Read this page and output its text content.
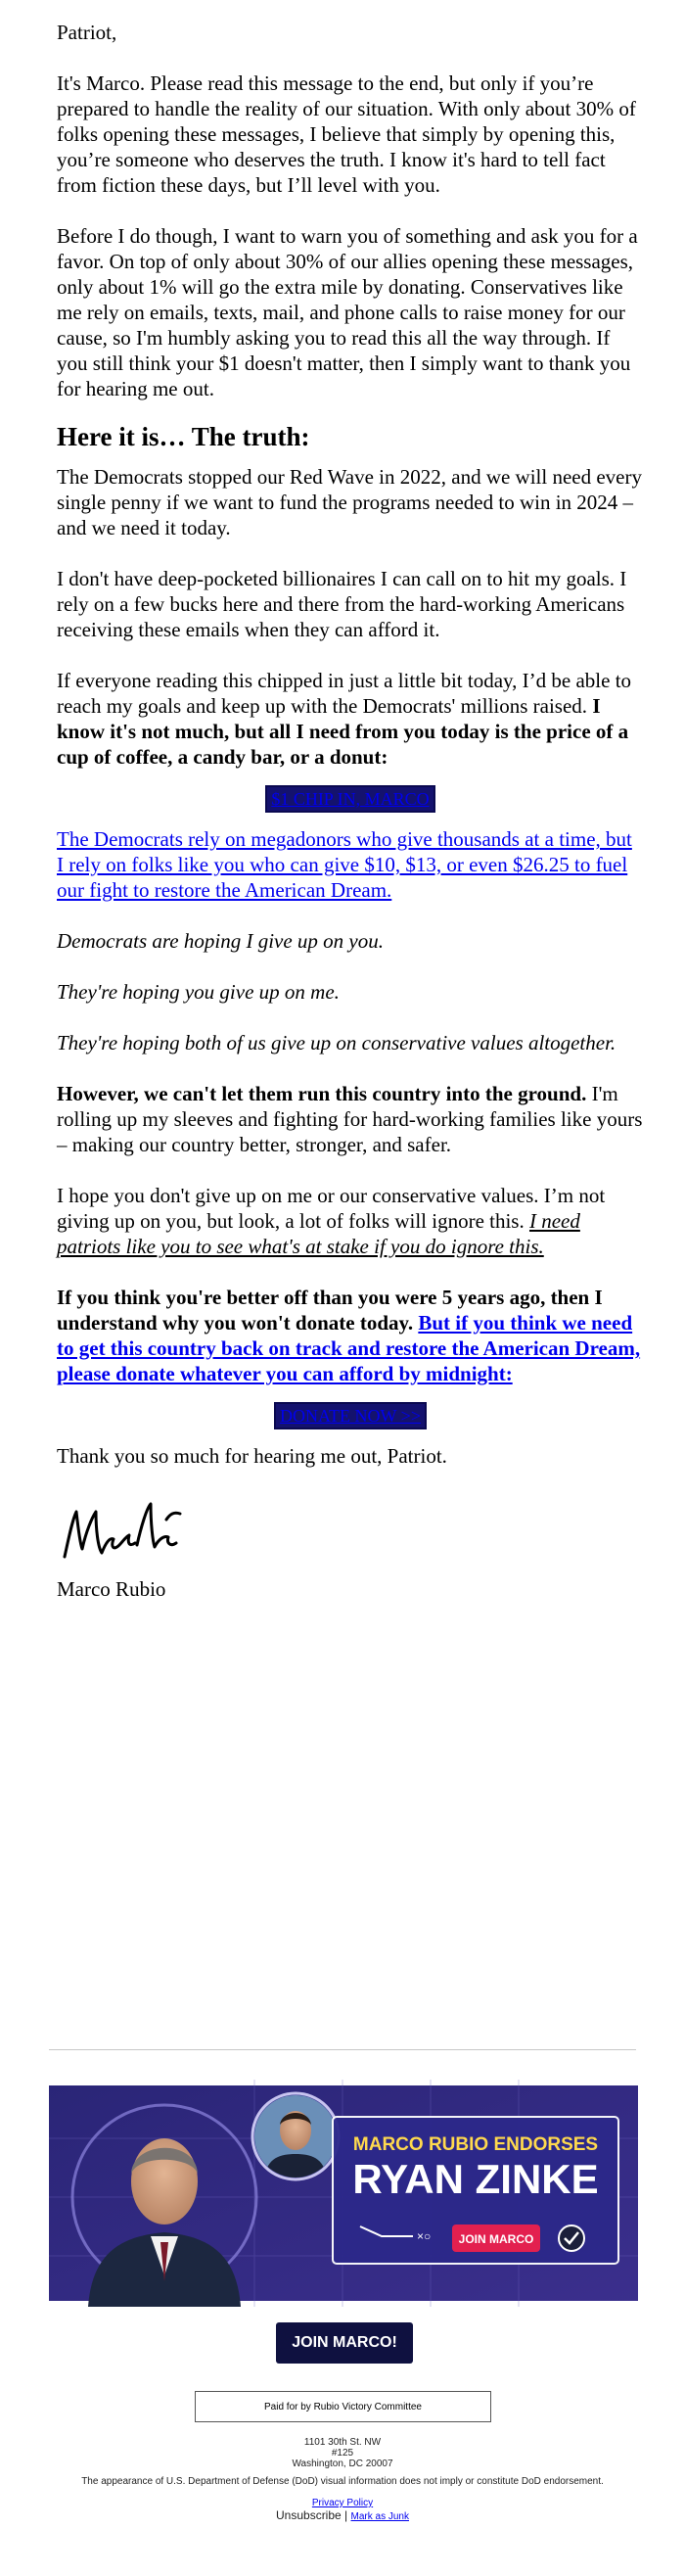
Patriot,

It's Marco. Please read this message to the end, but only if you’re prepared to handle the reality of our situation. With only about 30% of folks opening these messages, I believe that simply by opening this, you’re someone who deserves the truth. I know it's hard to tell fact from fiction these days, but I’ll level with you.

Before I do though, I want to warn you of something and ask you for a favor. On top of only about 30% of our allies opening these messages, only about 1% will go the extra mile by donating. Conservatives like me rely on emails, texts, mail, and phone calls to raise money for our cause, so I'm humbly asking you to read this all the way through. If you still think your $1 doesn't matter, then I simply want to thank you for hearing me out.

Here it is… The truth:

The Democrats stopped our Red Wave in 2022, and we will need every single penny if we want to fund the programs needed to win in 2024 – and we need it today.

I don't have deep-pocketed billionaires I can call on to hit my goals. I rely on a few bucks here and there from the hard-working Americans receiving these emails when they can afford it.

If everyone reading this chipped in just a little bit today, I’d be able to reach my goals and keep up with the Democrats' millions raised. I know it's not much, but all I need from you today is the price of a cup of coffee, a candy bar, or a donut:

$1 CHIP IN, MARCO

The Democrats rely on megadonors who give thousands at a time, but I rely on folks like you who can give $10, $13, or even $26.25 to fuel our fight to restore the American Dream.

Democrats are hoping I give up on you.

They're hoping you give up on me.

They're hoping both of us give up on conservative values altogether.

However, we can't let them run this country into the ground. I'm rolling up my sleeves and fighting for hard-working families like yours – making our country better, stronger, and safer.

I hope you don't give up on me or our conservative values. I’m not giving up on you, but look, a lot of folks will ignore this. I need patriots like you to see what's at stake if you do ignore this.

If you think you're better off than you were 5 years ago, then I understand why you won't donate today. But if you think we need to get this country back on track and restore the American Dream, please donate whatever you can afford by midnight:

DONATE NOW >>

Thank you so much for hearing me out, Patriot.

Marco Rubio

MARCO RUBIO ENDORSES
RYAN ZINKE
×○ JOIN MARCO
JOIN MARCO!
Paid for by Rubio Victory Committee
1101 30th St. NW
#125
Washington, DC 20007
The appearance of U.S. Department of Defense (DoD) visual information does not imply or constitute DoD endorsement.
Privacy Policy
Unsubscribe | Mark as Junk
